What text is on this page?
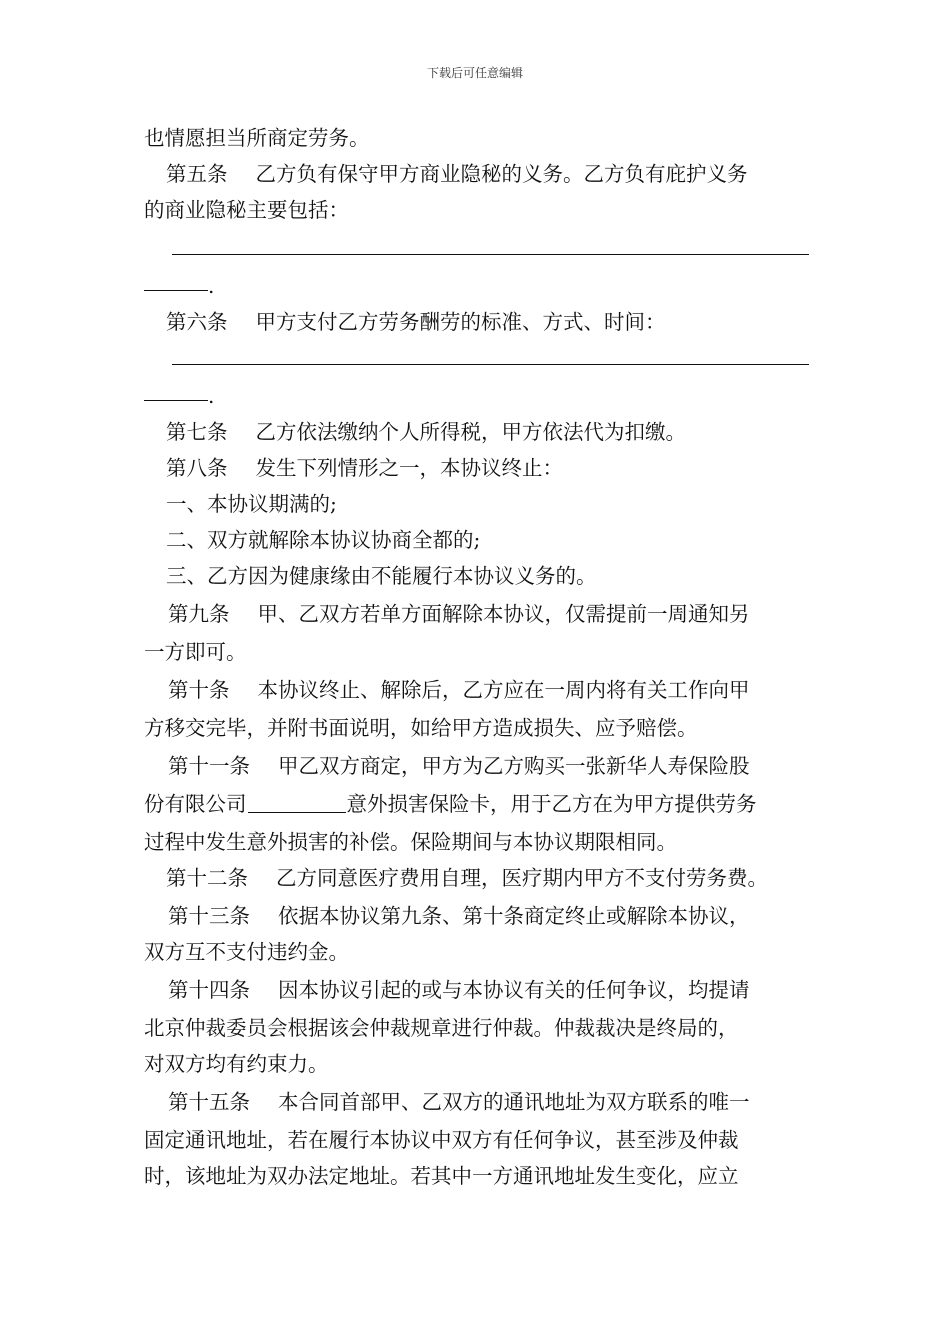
下载后可任意编辑
也情愿担当所商定劳务。
第五条 乙方负有保守甲方商业隐秘的义务。乙方负有庇护义务
的商业隐秘主要包括：
.
第六条 甲方支付乙方劳务酬劳的标准、方式、时间：
.
第七条 乙方依法缴纳个人所得税，甲方依法代为扣缴。
第八条 发生下列情形之一，本协议终止：
一、本协议期满的;
二、双方就解除本协议协商全都的;
三、乙方因为健康缘由不能履行本协议义务的。
第九条 甲、乙双方若单方面解除本协议，仅需提前一周通知另
一方即可。
第十条 本协议终止、解除后，乙方应在一周内将有关工作向甲
方移交完毕，并附书面说明，如给甲方造成损失、应予赔偿。
第十一条 甲乙双方商定，甲方为乙方购买一张新华人寿保险股
份有限公司	意外损害保险卡，用于乙方在为甲方提供劳务
过程中发生意外损害的补偿。保险期间与本协议期限相同。
第十二条 乙方同意医疗费用自理，医疗期内甲方不支付劳务费。
第十三条 依据本协议第九条、第十条商定终止或解除本协议，
双方互不支付违约金。
第十四条 因本协议引起的或与本协议有关的任何争议，均提请
北京仲裁委员会根据该会仲裁规章进行仲裁。仲裁裁决是终局的，
对双方均有约束力。
第十五条 本合同首部甲、乙双方的通讯地址为双方联系的唯一
固定通讯地址，若在履行本协议中双方有任何争议，甚至涉及仲裁
时，该地址为双办法定地址。若其中一方通讯地址发生变化，应立
